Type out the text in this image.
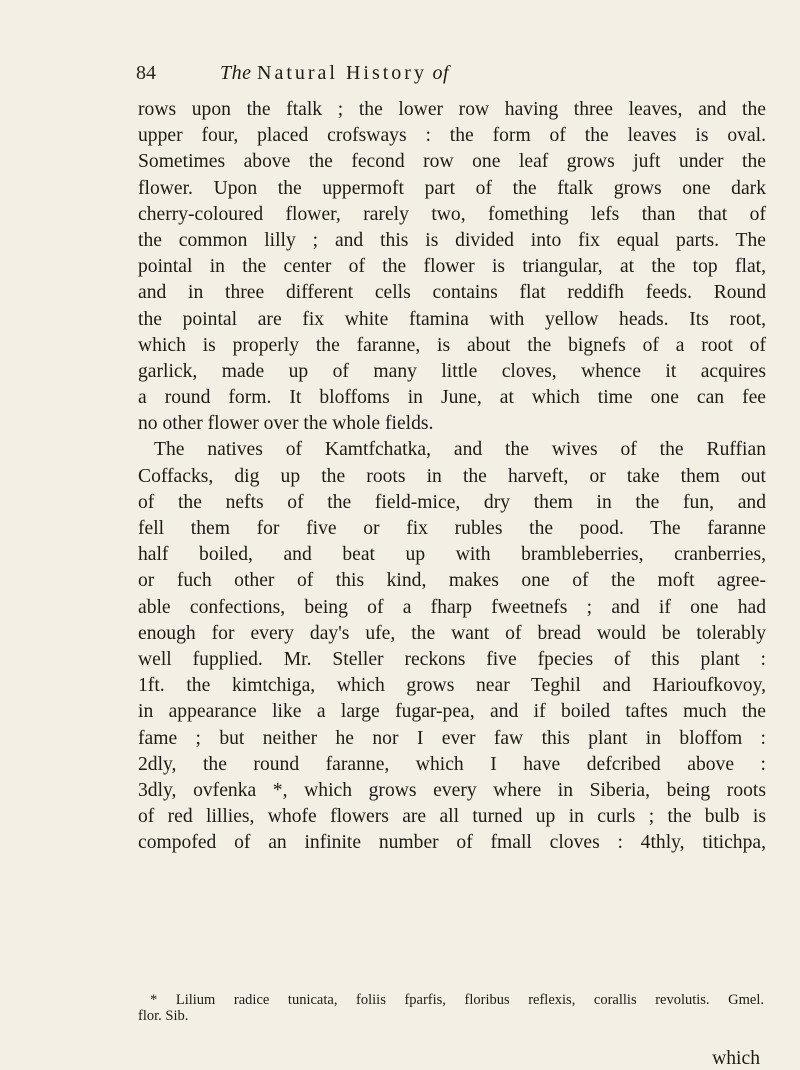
84	The Natural History of
rows upon the ftalk ; the lower row having three leaves, and the
upper four, placed crofsways : the form of the leaves is oval.
Sometimes above the fecond row one leaf grows juft under the
flower. Upon the uppermoft part of the ftalk grows one dark
cherry-coloured flower, rarely two, fomething lefs than that of
the common lilly ; and this is divided into fix equal parts. The
pointal in the center of the flower is triangular, at the top flat,
and in three different cells contains flat reddifh feeds. Round
the pointal are fix white ftamina with yellow heads. Its root,
which is properly the faranne, is about the bignefs of a root of
garlick, made up of many little cloves, whence it acquires
a round form. It bloffoms in June, at which time one can fee
no other flower over the whole fields.
The natives of Kamtfchatka, and the wives of the Ruffian
Coffacks, dig up the roots in the harveft, or take them out
of the nefts of the field-mice, dry them in the fun, and
fell them for five or fix rubles the pood. The faranne
half boiled, and beat up with brambleberries, cranberries,
or fuch other of this kind, makes one of the moft agree-
able confections, being of a fharp fweetnefs ; and if one had
enough for every day's ufe, the want of bread would be tolerably
well fupplied. Mr. Steller reckons five fpecies of this plant :
1ft. the kimtchiga, which grows near Teghil and Harioufkovoy,
in appearance like a large fugar-pea, and if boiled taftes much the
fame ; but neither he nor I ever faw this plant in bloffom :
2dly, the round faranne, which I have defcribed above :
3dly, ovfenka *, which grows every where in Siberia, being roots
of red lillies, whofe flowers are all turned up in curls ; the bulb is
compofed of an infinite number of fmall cloves : 4thly, titichpa,
* Lilium radice tunicata, foliis fparfis, floribus reflexis, corallis revolutis. Gmel.
flor. Sib.
which
